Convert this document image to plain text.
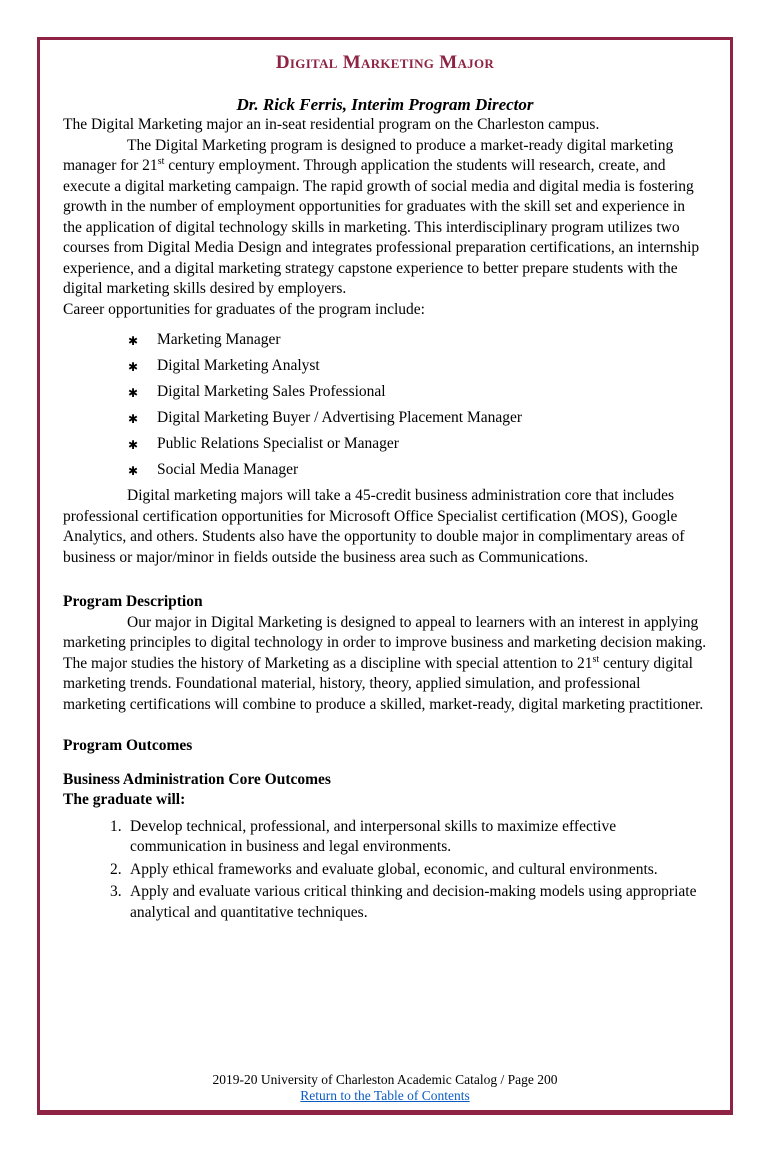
Digital Marketing Major
Dr. Rick Ferris, Interim Program Director

The Digital Marketing major an in-seat residential program on the Charleston campus.

The Digital Marketing program is designed to produce a market-ready digital marketing manager for 21st century employment. Through application the students will research, create, and execute a digital marketing campaign. The rapid growth of social media and digital media is fostering growth in the number of employment opportunities for graduates with the skill set and experience in the application of digital technology skills in marketing. This interdisciplinary program utilizes two courses from Digital Media Design and integrates professional preparation certifications, an internship experience, and a digital marketing strategy capstone experience to better prepare students with the digital marketing skills desired by employers.

Career opportunities for graduates of the program include:

✱ Marketing Manager
✱ Digital Marketing Analyst
✱ Digital Marketing Sales Professional
✱ Digital Marketing Buyer / Advertising Placement Manager
✱ Public Relations Specialist or Manager
✱ Social Media Manager

Digital marketing majors will take a 45-credit business administration core that includes professional certification opportunities for Microsoft Office Specialist certification (MOS), Google Analytics, and others. Students also have the opportunity to double major in complimentary areas of business or major/minor in fields outside the business area such as Communications.

Program Description

Our major in Digital Marketing is designed to appeal to learners with an interest in applying marketing principles to digital technology in order to improve business and marketing decision making. The major studies the history of Marketing as a discipline with special attention to 21st century digital marketing trends. Foundational material, history, theory, applied simulation, and professional marketing certifications will combine to produce a skilled, market-ready, digital marketing practitioner.

Program Outcomes
Business Administration Core Outcomes

The graduate will:

1. Develop technical, professional, and interpersonal skills to maximize effective communication in business and legal environments.
2. Apply ethical frameworks and evaluate global, economic, and cultural environments.
3. Apply and evaluate various critical thinking and decision-making models using appropriate analytical and quantitative techniques.
2019-20 University of Charleston Academic Catalog / Page 200
Return to the Table of Contents
